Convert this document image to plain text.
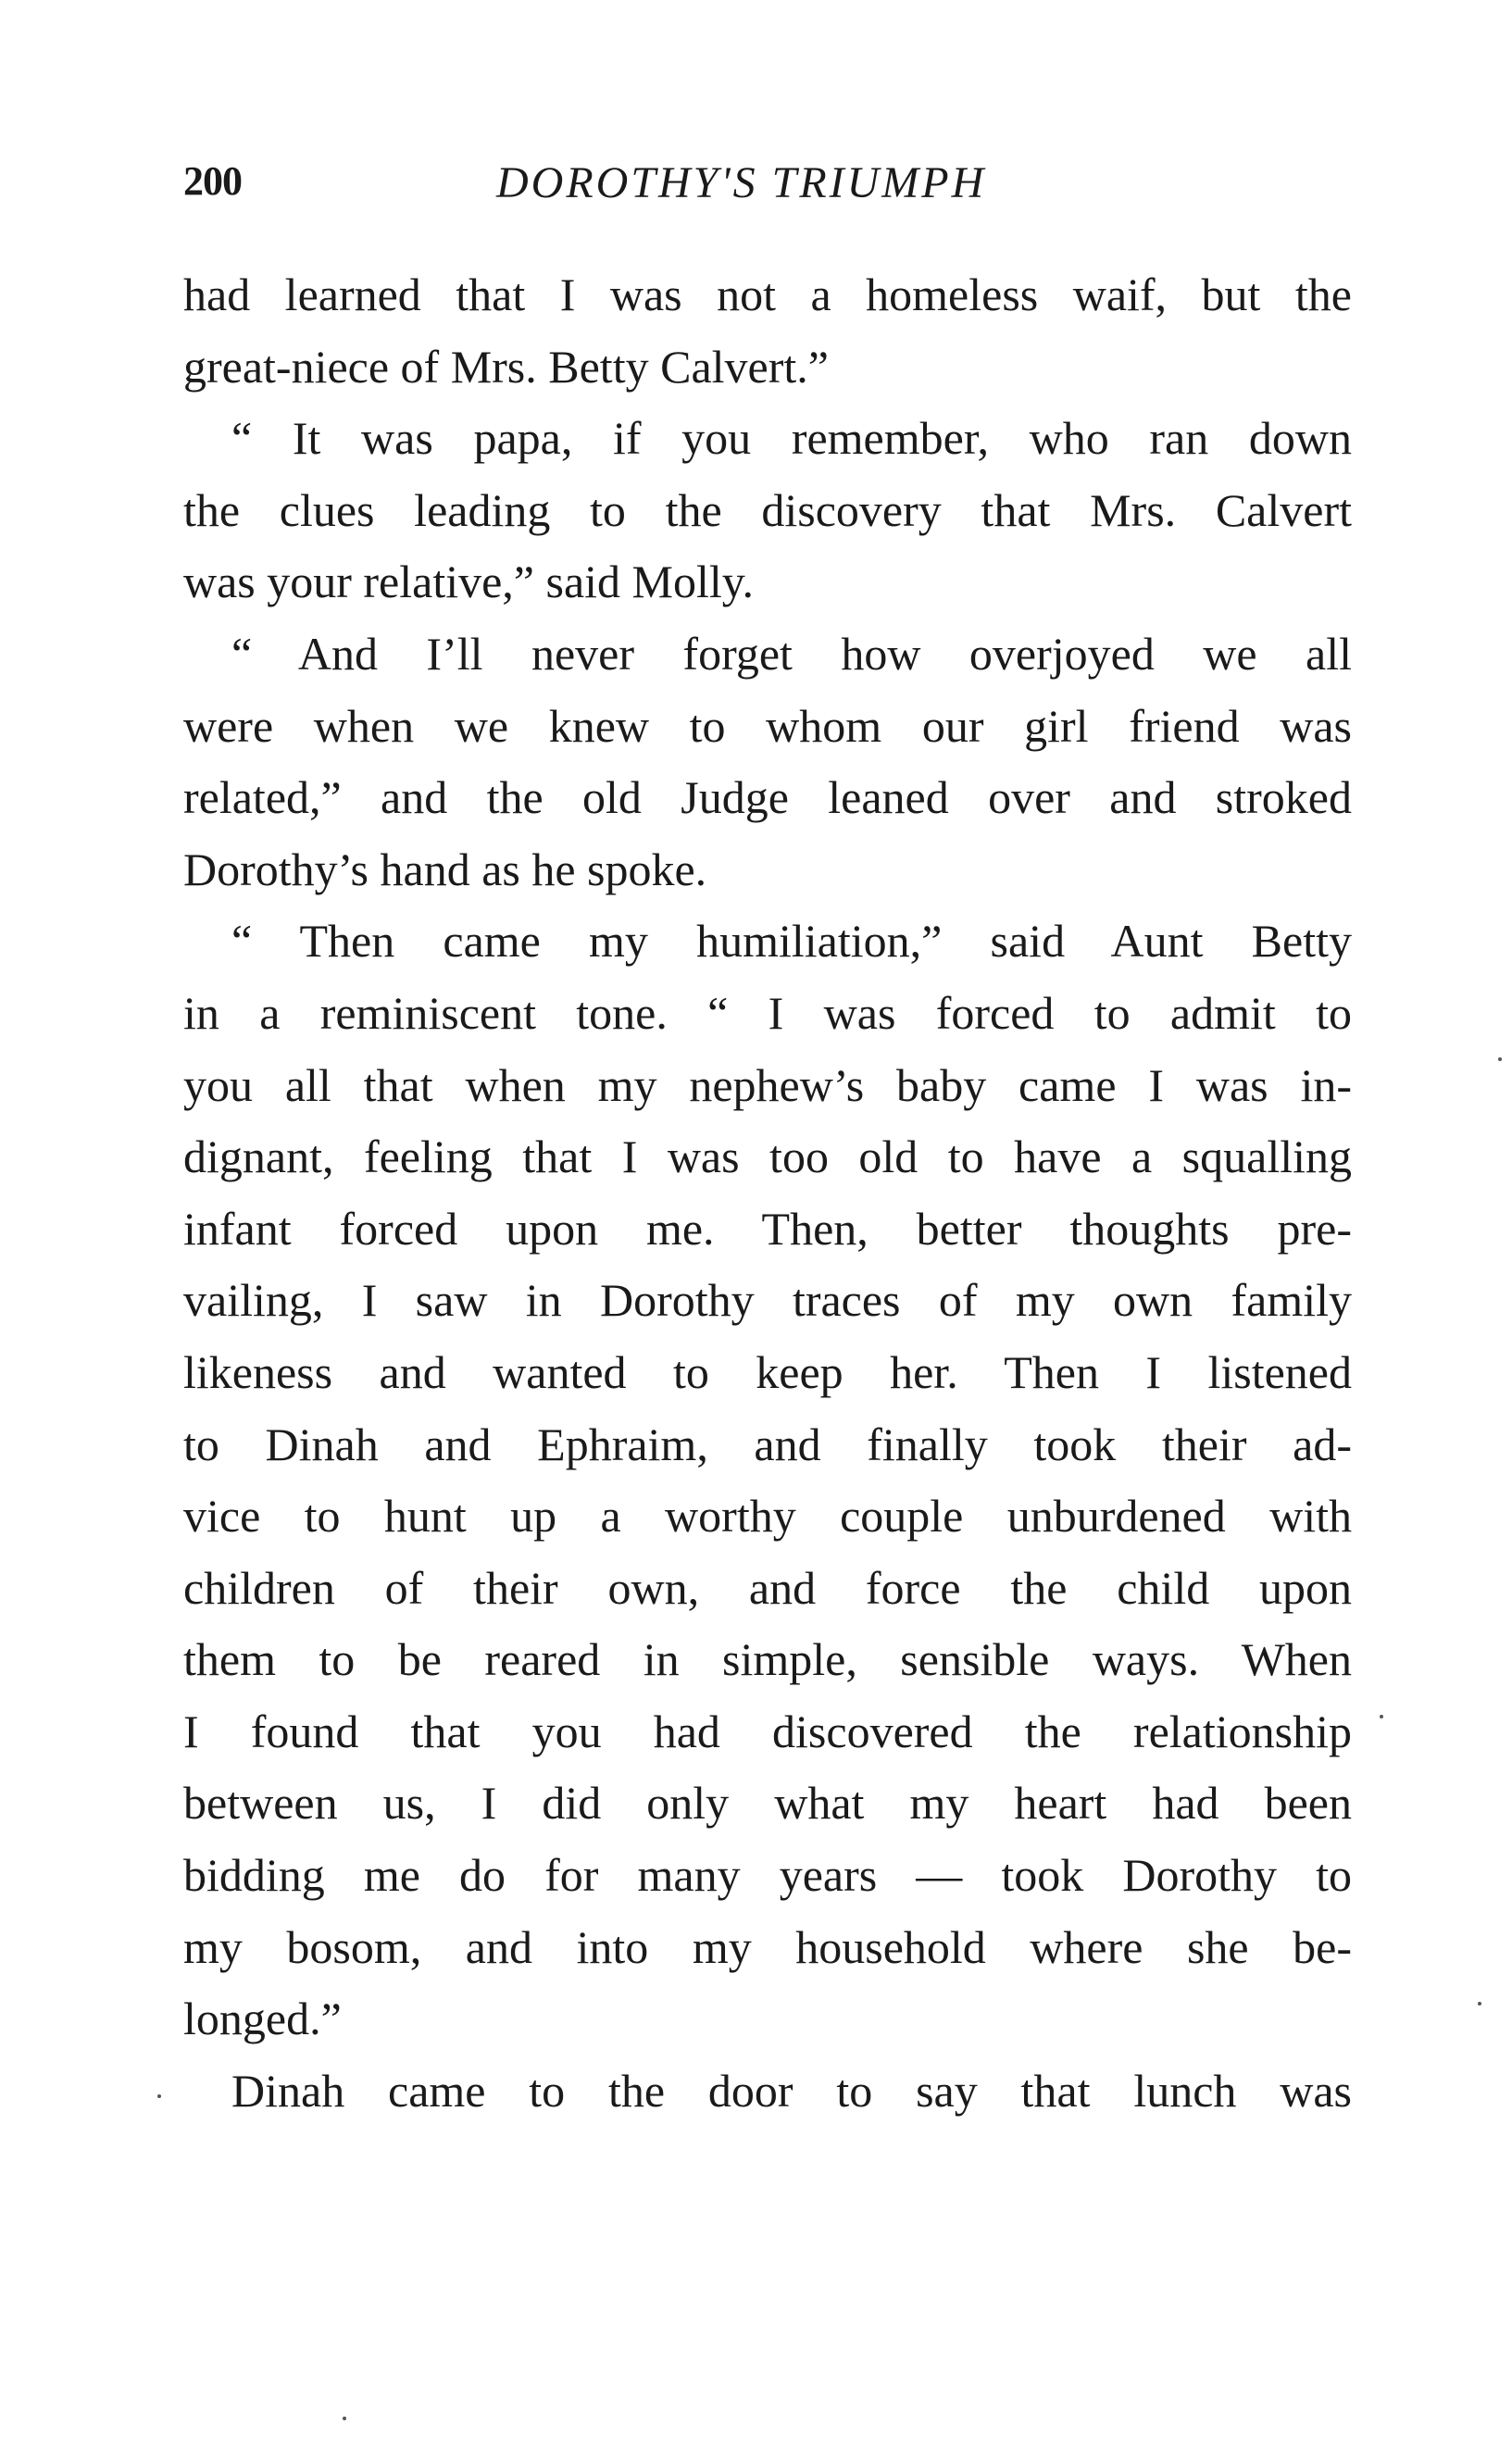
200	DOROTHY'S TRIUMPH
had learned that I was not a homeless waif, but the
great-niece of Mrs. Betty Calvert.”
“ It was papa, if you remember, who ran down
the clues leading to the discovery that Mrs. Calvert
was your relative,” said Molly.
“ And I’ll never forget how overjoyed we all
were when we knew to whom our girl friend was
related,” and the old Judge leaned over and stroked
Dorothy’s hand as he spoke.
“ Then came my humiliation,” said Aunt Betty
in a reminiscent tone. “ I was forced to admit to
you all that when my nephew’s baby came I was in-
dignant, feeling that I was too old to have a squalling
infant forced upon me. Then, better thoughts pre-
vailing, I saw in Dorothy traces of my own family
likeness and wanted to keep her. Then I listened
to Dinah and Ephraim, and finally took their ad-
vice to hunt up a worthy couple unburdened with
children of their own, and force the child upon
them to be reared in simple, sensible ways. When
I found that you had discovered the relationship
between us, I did only what my heart had been
bidding me do for many years — took Dorothy to
my bosom, and into my household where she be-
longed.”
Dinah came to the door to say that lunch was
